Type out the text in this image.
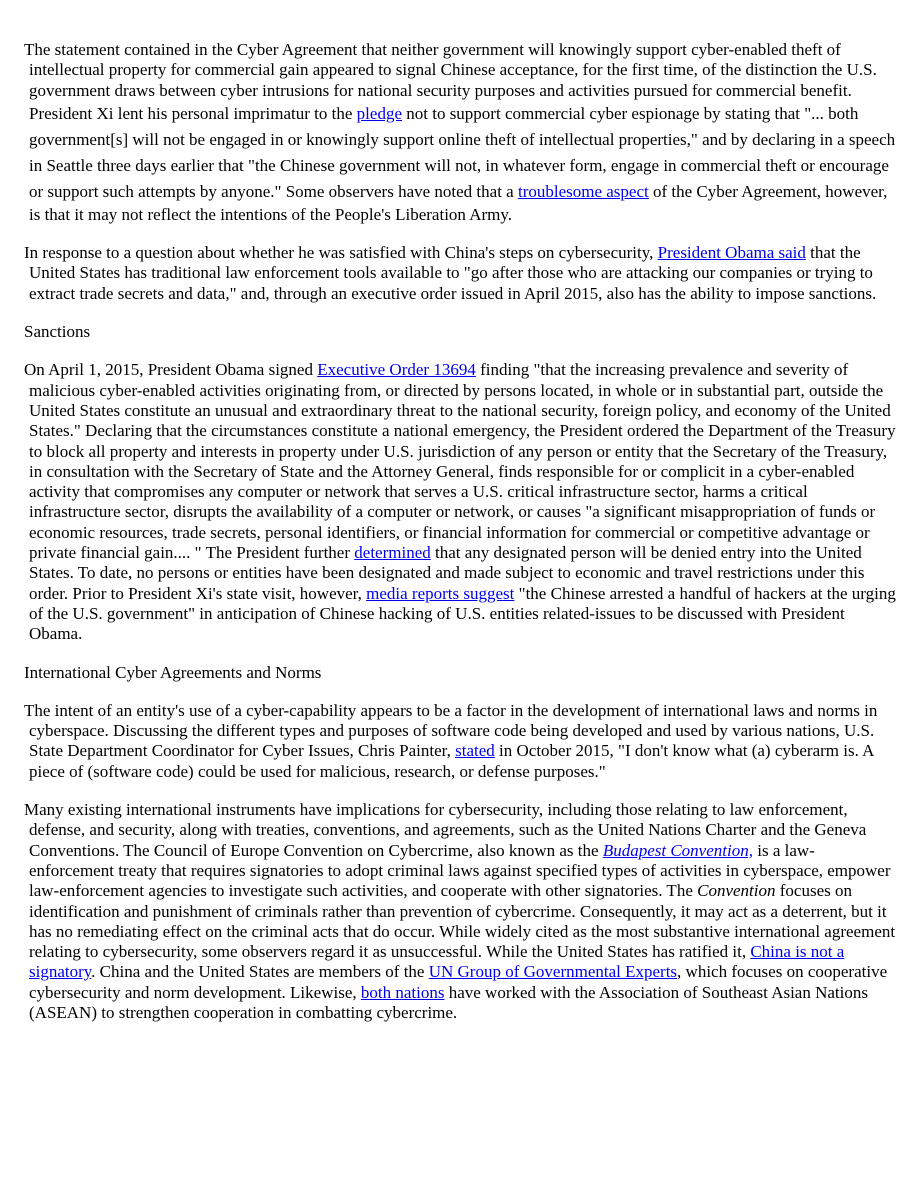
The statement contained in the Cyber Agreement that neither government will knowingly support cyber-enabled theft of intellectual property for commercial gain appeared to signal Chinese acceptance, for the first time, of the distinction the U.S. government draws between cyber intrusions for national security purposes and activities pursued for commercial benefit. President Xi lent his personal imprimatur to the pledge not to support commercial cyber espionage by stating that "... both government[s] will not be engaged in or knowingly support online theft of intellectual properties," and by declaring in a speech in Seattle three days earlier that "the Chinese government will not, in whatever form, engage in commercial theft or encourage or support such attempts by anyone." Some observers have noted that a troublesome aspect of the Cyber Agreement, however, is that it may not reflect the intentions of the People's Liberation Army.

In response to a question about whether he was satisfied with China's steps on cybersecurity, President Obama said that the United States has traditional law enforcement tools available to "go after those who are attacking our companies or trying to extract trade secrets and data," and, through an executive order issued in April 2015, also has the ability to impose sanctions.

Sanctions

On April 1, 2015, President Obama signed Executive Order 13694 finding "that the increasing prevalence and severity of malicious cyber-enabled activities originating from, or directed by persons located, in whole or in substantial part, outside the United States constitute an unusual and extraordinary threat to the national security, foreign policy, and economy of the United States." Declaring that the circumstances constitute a national emergency, the President ordered the Department of the Treasury to block all property and interests in property under U.S. jurisdiction of any person or entity that the Secretary of the Treasury, in consultation with the Secretary of State and the Attorney General, finds responsible for or complicit in a cyber-enabled activity that compromises any computer or network that serves a U.S. critical infrastructure sector, harms a critical infrastructure sector, disrupts the availability of a computer or network, or causes "a significant misappropriation of funds or economic resources, trade secrets, personal identifiers, or financial information for commercial or competitive advantage or private financial gain.... " The President further determined that any designated person will be denied entry into the United States. To date, no persons or entities have been designated and made subject to economic and travel restrictions under this order. Prior to President Xi's state visit, however, media reports suggest "the Chinese arrested a handful of hackers at the urging of the U.S. government" in anticipation of Chinese hacking of U.S. entities related-issues to be discussed with President Obama.

International Cyber Agreements and Norms

The intent of an entity's use of a cyber-capability appears to be a factor in the development of international laws and norms in cyberspace. Discussing the different types and purposes of software code being developed and used by various nations, U.S. State Department Coordinator for Cyber Issues, Chris Painter, stated in October 2015, "I don't know what (a) cyberarm is. A piece of (software code) could be used for malicious, research, or defense purposes."

Many existing international instruments have implications for cybersecurity, including those relating to law enforcement, defense, and security, along with treaties, conventions, and agreements, such as the United Nations Charter and the Geneva Conventions. The Council of Europe Convention on Cybercrime, also known as the Budapest Convention, is a law-enforcement treaty that requires signatories to adopt criminal laws against specified types of activities in cyberspace, empower law-enforcement agencies to investigate such activities, and cooperate with other signatories. The Convention focuses on identification and punishment of criminals rather than prevention of cybercrime. Consequently, it may act as a deterrent, but it has no remediating effect on the criminal acts that do occur. While widely cited as the most substantive international agreement relating to cybersecurity, some observers regard it as unsuccessful. While the United States has ratified it, China is not a signatory. China and the United States are members of the UN Group of Governmental Experts, which focuses on cooperative cybersecurity and norm development. Likewise, both nations have worked with the Association of Southeast Asian Nations (ASEAN) to strengthen cooperation in combatting cybercrime.
